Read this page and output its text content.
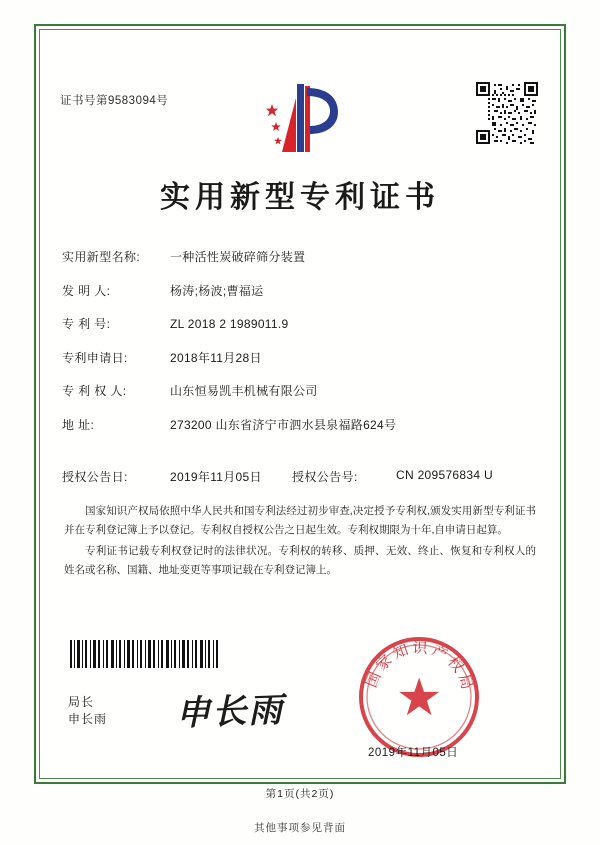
证书号第9583094号
实用新型专利证书
实用新型名称:	一种活性炭破碎筛分装置
发 明 人:	杨涛;杨波;曹福运
专 利 号:	ZL 2018 2 1989011.9
专利申请日:	2018年11月28日
专 利 权 人:	山东恒易凯丰机械有限公司
地 址:	273200 山东省济宁市泗水县泉福路624号
授权公告日:	2019年11月05日	授权公告号:	CN 209576834 U

国家知识产权局依照中华人民共和国专利法经过初步审查,决定授予专利权,颁发实用新型专利证书并在专利登记簿上予以登记。专利权自授权公告之日起生效。专利权期限为十年,自申请日起算。

专利证书记载专利权登记时的法律状况。专利权的转移、质押、无效、终止、恢复和专利权人的姓名或名称、国籍、地址变更等事项记载在专利登记簿上。

局长
申长雨 申长雨
国家知识产权局
2019年11月05日
第1页(共2页)
其他事项参见背面
